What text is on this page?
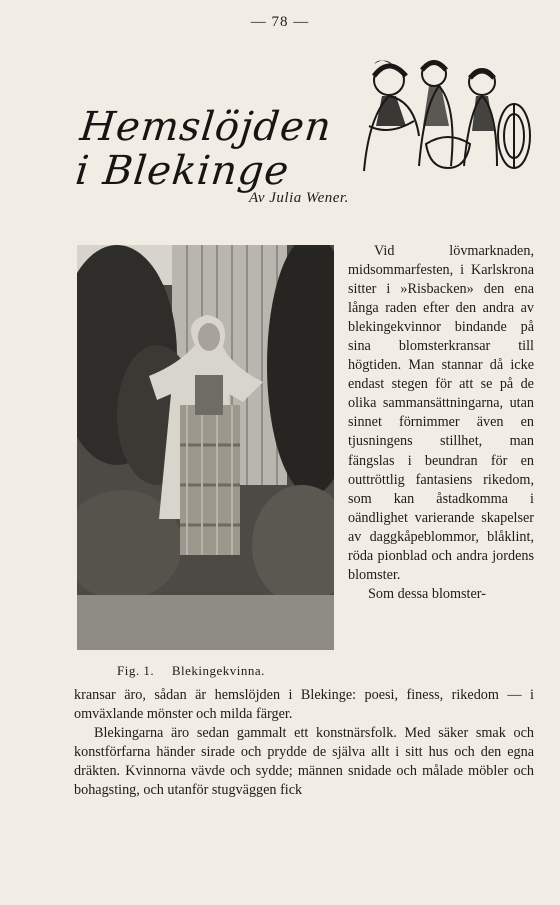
— 78 —
Hemslöjden
i Blekinge
Av Julia Wener.
Fig. 1. Blekingekvinna.

Vid lövmarknaden, midsommarfesten, i Karlskrona sitter i »Risbacken» den ena långa raden efter den andra av blekingekvinnor bindande på sina blomsterkransar till högtiden. Man stannar då icke endast stegen för att se på de olika sammansättningarna, utan sinnet förnimmer även en tjusningens stillhet, man fängslas i beundran för en outtröttlig fantasiens rikedom, som kan åstadkomma i oändlighet varierande skapelser av daggkåpeblommor, blåklint, röda pionblad och andra jordens blomster.

Som dessa blomster-

kransar äro, sådan är hemslöjden i Blekinge: poesi, finess, rikedom — i omväxlande mönster och milda färger.

Blekingarna äro sedan gammalt ett konstnärsfolk. Med säker smak och konstförfarna händer sirade och prydde de själva allt i sitt hus och den egna dräkten. Kvinnorna vävde och sydde; männen snidade och målade möbler och bohagsting, och utanför stugväggen fick
